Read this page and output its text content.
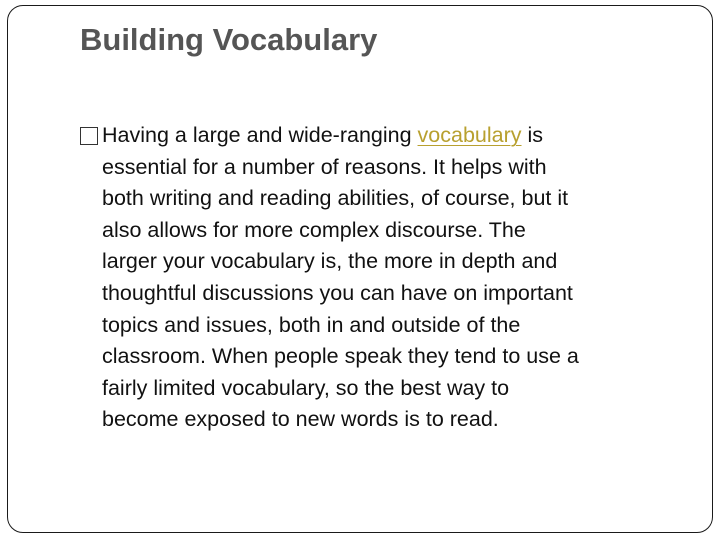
Building Vocabulary

Having a large and wide-ranging vocabulary is

essential for a number of reasons. It helps with

both writing and reading abilities, of course, but it

also allows for more complex discourse. The

larger your vocabulary is, the more in depth and

thoughtful discussions you can have on important

topics and issues, both in and outside of the

classroom. When people speak they tend to use a

fairly limited vocabulary, so the best way to

become exposed to new words is to read.
